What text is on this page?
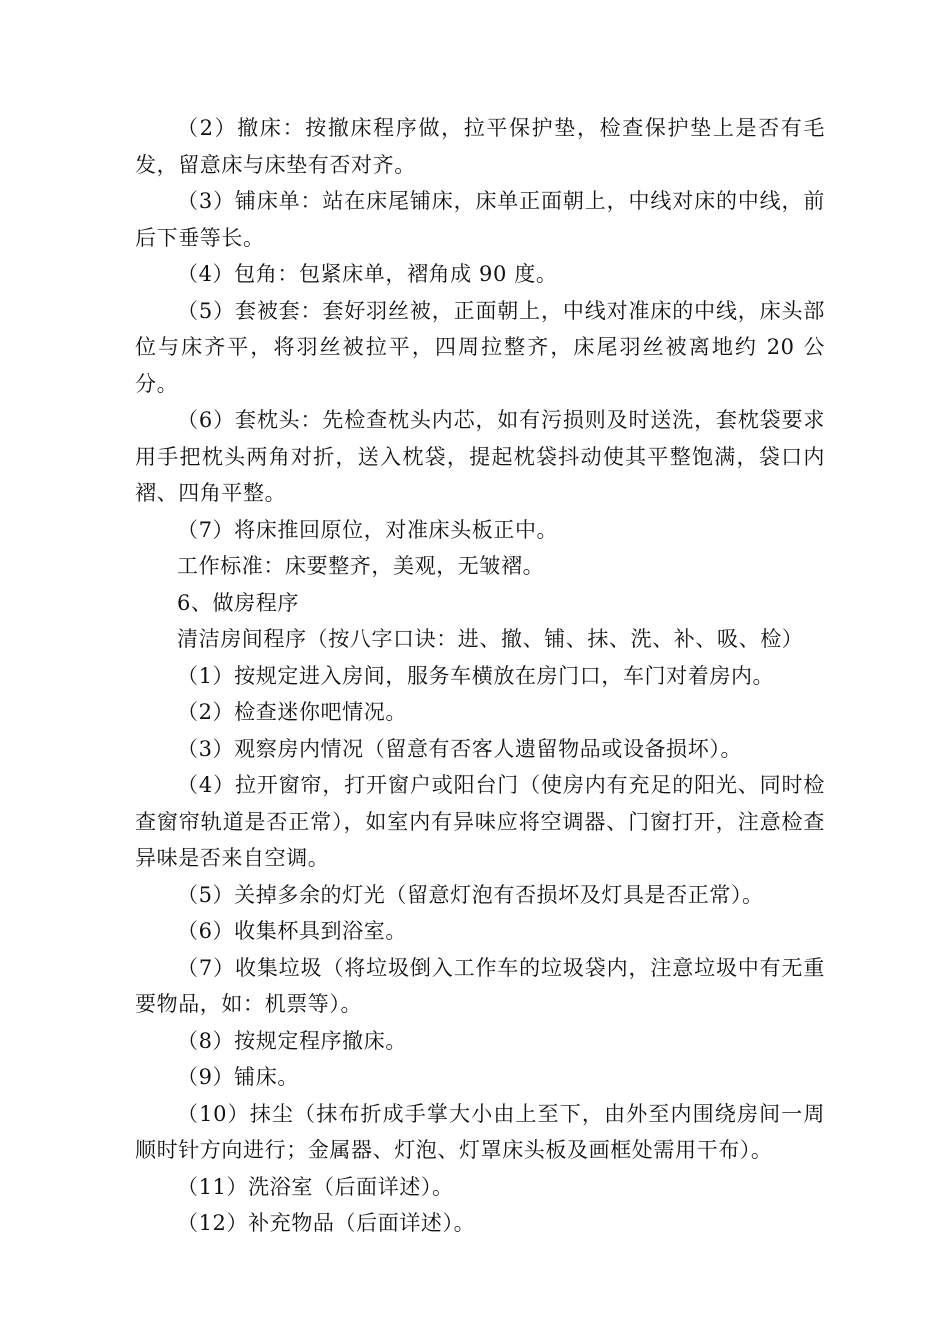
（2）撤床：按撤床程序做，拉平保护垫，检查保护垫上是否有毛发，留意床与床垫有否对齐。

（3）铺床单：站在床尾铺床，床单正面朝上，中线对床的中线，前后下垂等长。

（4）包角：包紧床单，褶角成 90 度。

（5）套被套：套好羽丝被，正面朝上，中线对准床的中线，床头部位与床齐平，将羽丝被拉平，四周拉整齐，床尾羽丝被离地约 20 公分。

（6）套枕头：先检查枕头内芯，如有污损则及时送洗，套枕袋要求用手把枕头两角对折，送入枕袋，提起枕袋抖动使其平整饱满，袋口内褶、四角平整。

（7）将床推回原位，对准床头板正中。

工作标准：床要整齐，美观，无皱褶。

6、做房程序

清洁房间程序（按八字口诀：进、撤、铺、抹、洗、补、吸、检）

（1）按规定进入房间，服务车横放在房门口，车门对着房内。

（2）检查迷你吧情况。

（3）观察房内情况（留意有否客人遗留物品或设备损坏）。

（4）拉开窗帘，打开窗户或阳台门（使房内有充足的阳光、同时检查窗帘轨道是否正常），如室内有异味应将空调器、门窗打开，注意检查异味是否来自空调。

（5）关掉多余的灯光（留意灯泡有否损坏及灯具是否正常）。

（6）收集杯具到浴室。

（7）收集垃圾（将垃圾倒入工作车的垃圾袋内，注意垃圾中有无重要物品，如：机票等）。

（8）按规定程序撤床。

（9）铺床。

（10）抹尘（抹布折成手掌大小由上至下，由外至内围绕房间一周顺时针方向进行；金属器、灯泡、灯罩床头板及画框处需用干布）。

（11）洗浴室（后面详述）。

（12）补充物品（后面详述）。
